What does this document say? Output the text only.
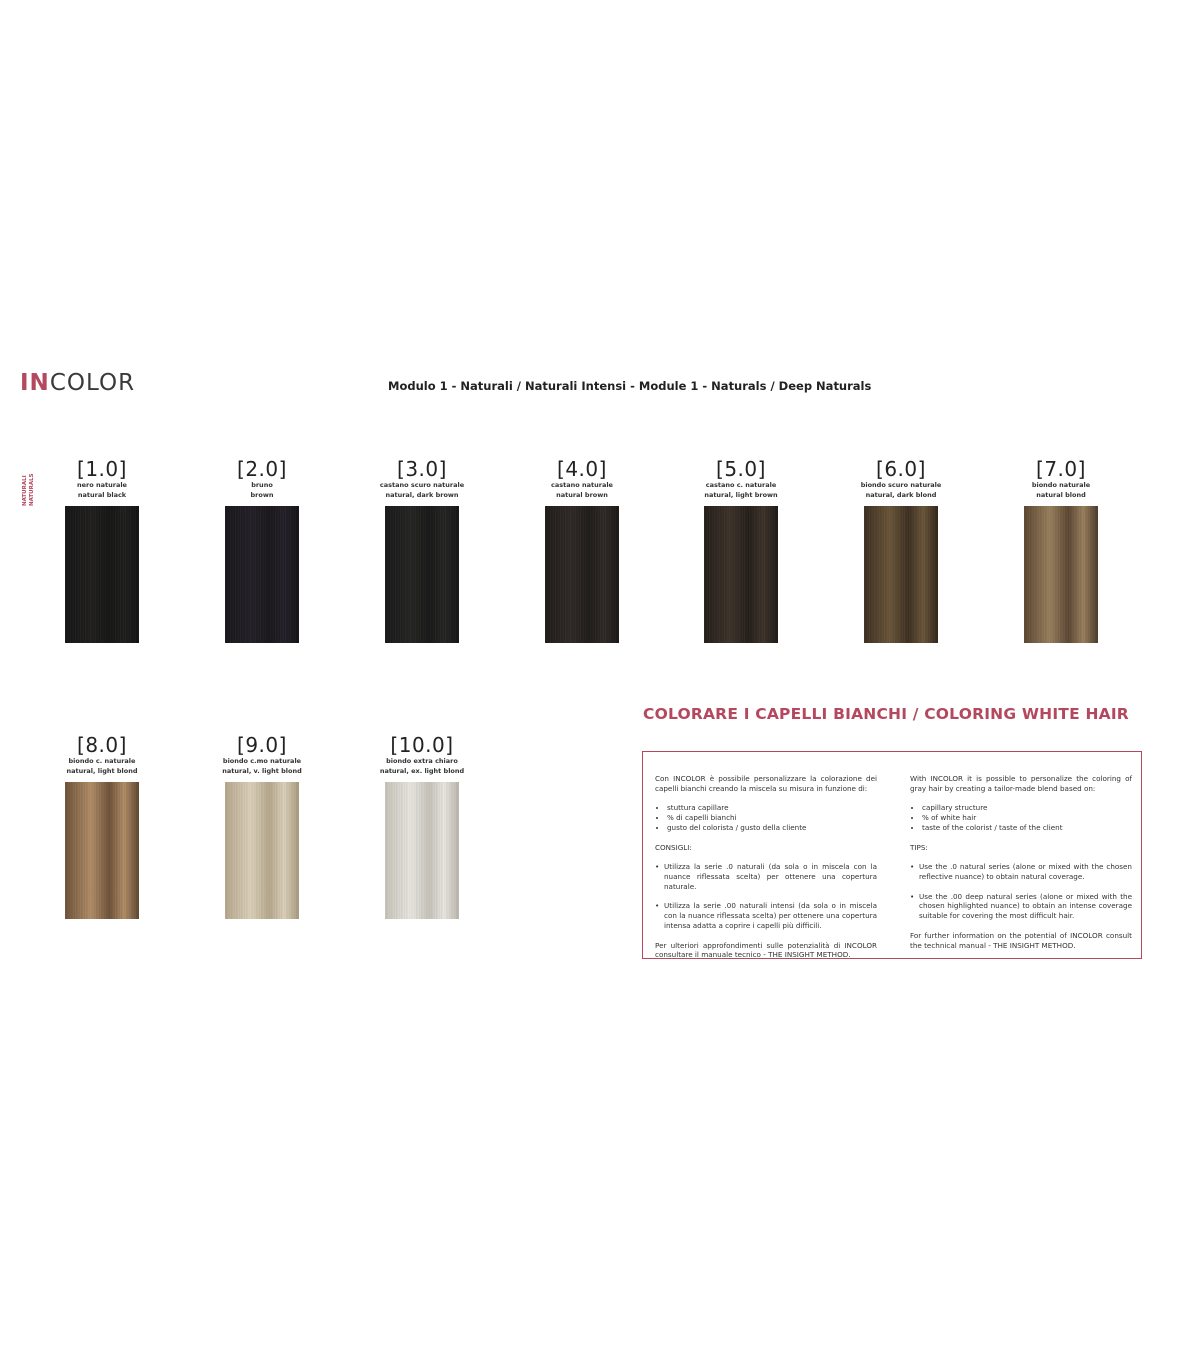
INCOLOR	Modulo 1 - Naturali / Naturali Intensi - Module 1 - Naturals / Deep Naturals
NATURALI
NATURALS
[1.0]
nero naturale
natural black
[2.0]
bruno
brown
[3.0]
castano scuro naturale
natural, dark brown
[4.0]
castano naturale
natural brown
[5.0]
castano c. naturale
natural, light brown
[6.0]
biondo scuro naturale
natural, dark blond
[7.0]
biondo naturale
natural blond
[8.0]
biondo c. naturale
natural, light blond
[9.0]
biondo c.mo naturale
natural, v. light blond
[10.0]
biondo extra chiaro
natural, ex. light blond
COLORARE I CAPELLI BIANCHI / COLORING WHITE HAIR

Con INCOLOR è possibile personalizzare la colorazione dei capelli bianchi creando la miscela su misura in funzione di:

• stuttura capillare
• % di capelli bianchi
• gusto del colorista / gusto della cliente

CONSIGLI:

• Utilizza la serie .0 naturali (da sola o in miscela con la nuance riflessata scelta) per ottenere una copertura naturale.

• Utilizza la serie .00 naturali intensi (da sola o in miscela con la nuance riflessata scelta) per ottenere una copertura intensa adatta a coprire i capelli più difficili.

Per ulteriori approfondimenti sulle potenzialità di INCOLOR consultare il manuale tecnico - THE INSIGHT METHOD.

With INCOLOR it is possible to personalize the coloring of gray hair by creating a tailor-made blend based on:

• capillary structure
• % of white hair
• taste of the colorist / taste of the client

TIPS:

• Use the .0 natural series (alone or mixed with the chosen reflective nuance) to obtain natural coverage.

• Use the .00 deep natural series (alone or mixed with the chosen highlighted nuance) to obtain an intense coverage suitable for covering the most difficult hair.

For further information on the potential of INCOLOR consult the technical manual - THE INSIGHT METHOD.
